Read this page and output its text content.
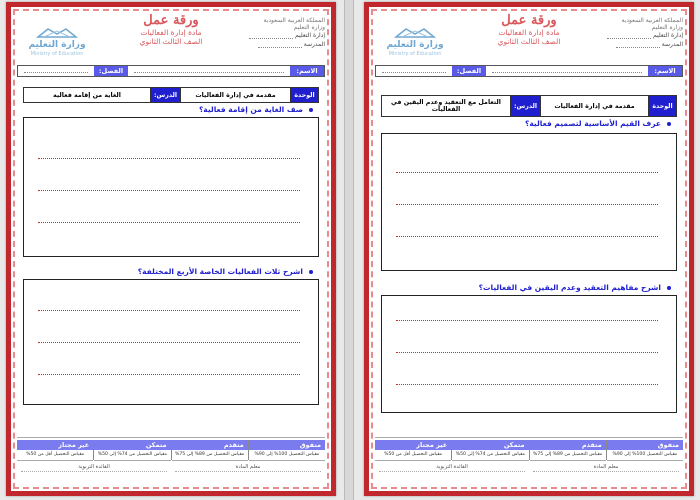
المملكة العربية السعودية
وزارة التعليم
إدارة التعليم
المدرسة
ورقة عمل
مادة إدارة الفعاليات
الصف الثالث الثانوي
وزارة التعليم
Ministry of Education
الاسم:
الفصل:
الوحدة
مقدمة في إدارة الفعاليات
الدرس:
الغاية من إقامة فعالية
صف الغاية من إقامة فعالية؟
اشرح ثلاث الفعاليات الخاصة الأربع المختلفة؟
متفوق
مقياس التحصيل 100% إلى 90%
متقدم
مقياس التحصيل من 89% إلى 75%
متمكن
مقياس التحصيل من 74% إلى 50%
غير مجتاز
مقياس التحصيل أقل من 50%
معلم المادة
القائدة التربوية
المملكة العربية السعودية
وزارة التعليم
إدارة التعليم
المدرسة
ورقة عمل
مادة إدارة الفعاليات
الصف الثالث الثانوي
وزارة التعليم
Ministry of Education
الاسم:
الفصل:
الوحدة
مقدمة في إدارة الفعاليات
الدرس:
التعامل مع التعقيد وعدم اليقين في الفعاليات
عرف القيم الأساسية لتصميم فعالية؟
اشرح مفاهيم التعقيد وعدم اليقين في الفعاليات؟
متفوق
مقياس التحصيل 100% إلى 90%
متقدم
مقياس التحصيل من 89% إلى 75%
متمكن
مقياس التحصيل من 74% إلى 50%
غير مجتاز
مقياس التحصيل أقل من 50%
معلم المادة
القائدة التربوية
